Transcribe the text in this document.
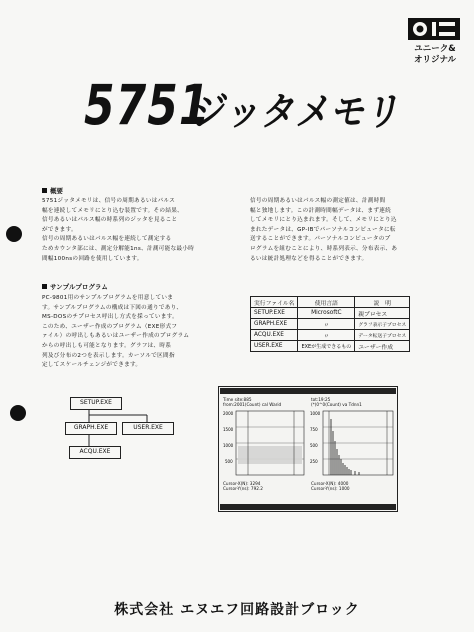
ユニーク&
オリジナル
5751
ジッタメモリ
概要

5751ジッタメモリは、信号の周期あるいはパルス

幅を連続してメモリにとり込む装置です。その結果、

信号あるいはパルス幅の時系列のジッタを見ること

ができます。

信号の周期あるいはパルス幅を連続して測定する

ためカウンタ部には、測定分解能1ns、計測可能な最小時

間幅100nsの回路を使用しています。

信号の周期あるいはパルス幅の測定値は、計測時間

幅と独地します。この計測時間幅データは、まず連続

してメモリにとり込まれます。そして、メモリにとり込

まれたデータは、GP-IBでパーソナルコンピュータに転

送することができます。パーソナルコンピュータのプ

ログラムを組むことにより、時系列表示、分布表示、あ

るいは統計処理などを得ることができます。

サンプルプログラム

PC-9801用のサンプルプログラムを用意していま

す。サンプルプログラムの構成は下図の通りであり、

MS-DOSのチプロセス呼出し方式を採っています。

このため、ユーザー作成のプログラム（EXE形式フ

ァイル）の呼出しもあるいはユーザー作成のプログラム

からの呼出しも可能となります。グラフは、時系

列及び分布の2つを表示します。カーソルで区間指

定してスケールチェンジができます。

実行ファイル名	使用言語	説　明
SETUP.EXE	MicrosoftC	親プロセス
GRAPH.EXE	〃	グラフ表示子プロセス
ACQU.EXE	〃	データ転送子プロセス
USER.EXE	EXEが生成できるもの	ユーザー作成
SETUP.EXE
GRAPH.EXE	USER.EXE
ACQU.EXE
Time site:885
from:2001(Count) cal Warid
2000
1500
1000
500
Cursor-X(N): 3294
Cursor-Y(ns): 792.2
tot:19:25
(*)0^0(Count) va Tdnn1
1000
750
500
250
Cursor-X(N): 4000
Cursor-Y(ns): 1000
株式会社 エヌエフ回路設計ブロック
